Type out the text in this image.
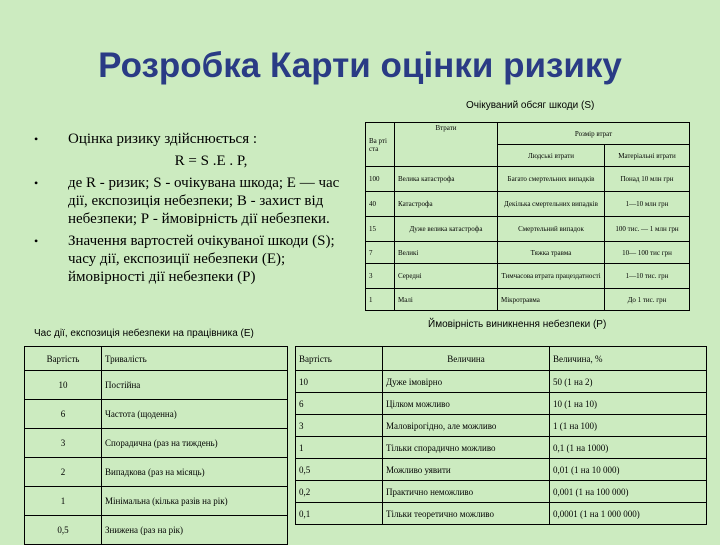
Розробка Карти оцінки ризику
Очікуваний обсяг шкоди (S)
• Оцінка ризику здійснюється :
R = S .E . P,
• де R - ризик; S - очікувана шкода; E — час дії, експозиція небезпеки; В - захист від небезпеки; Р - ймовірність дії небезпеки.
• Значення вартостей очікуваної шкоди (S); часу дії, експозиції небезпеки (E); ймовірності дії небезпеки (P)
Ва ртi ста	Втрати	Розмір втрат	
		Людські втрати	Матеріальні втрати
100	Велика катастрофа	Багато смертельних випадків	Понад 10 млн грн
40	Катастрофа	Декілька смертельних випадків	1—10 млн грн
15	Дуже велика катастрофа	Смертельний випадок	100 тис. — 1 млн грн
7	Великі	Тяжка травма	10— 100 тис грн
3	Середні	Тимчасова втрата працездатності	1—10 тис. грн
1	Малі	Мікротравма	До 1 тис. грн
Ймовірність виникнення небезпеки (P)
Час дії, експозиція небезпеки на працівника (E)
Вартість	Тривалість
10	Постійна
6	Частота (щоденна)
3	Спорадична (раз на тиждень)
2	Випадкова (раз на місяць)
1	Мінімальна (кілька разів на рік)
0,5	Знижена (раз на рік)
Вартість	Величина	Величина, %
10	Дуже імовірно	50 (1 на 2)
6	Цілком можливо	10 (1 на 10)
3	Маловірогідно, але можливо	1 (1 на 100)
1	Тільки спорадично можливо	0,1 (1 на 1000)
0,5	Можливо уявити	0,01 (1 на 10 000)
0,2	Практично неможливо	0,001 (1 на 100 000)
0,1	Тільки теоретично можливо	0,0001 (1 на 1 000 000)
